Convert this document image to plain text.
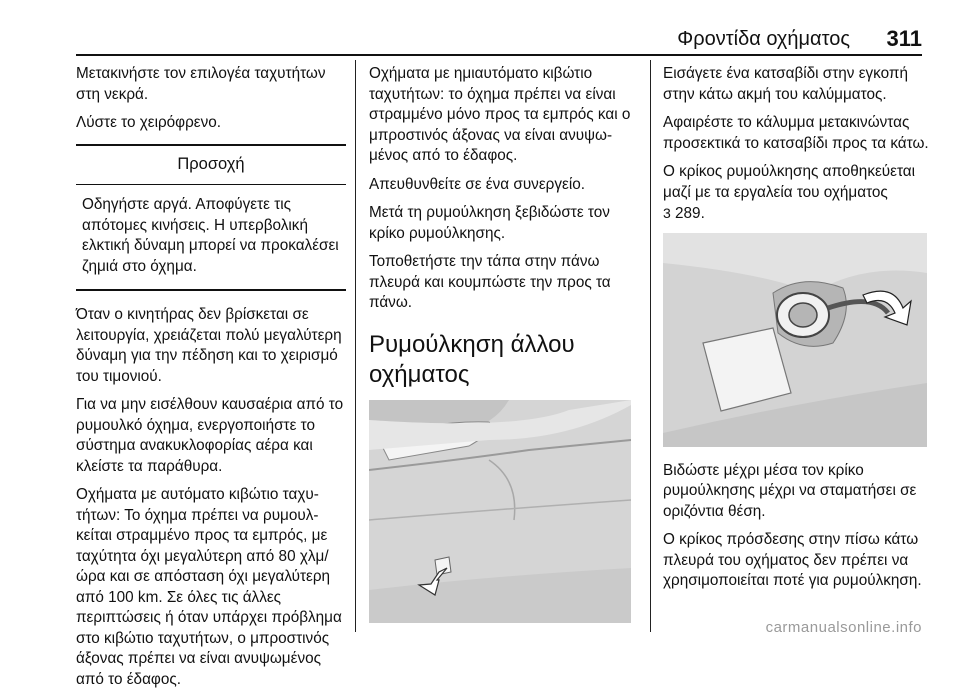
Φροντίδα οχήματος 311

Μετακινήστε τον επιλογέα ταχυτήτων στη νεκρά.

Λύστε το χειρόφρενο.

Προσοχή
Οδηγήστε αργά. Αποφύγετε τις απότομες κινήσεις. Η υπερβολική ελκτική δύναμη μπορεί να προκαλέσει ζημιά στο όχημα.

Όταν ο κινητήρας δεν βρίσκεται σε λειτουργία, χρειάζεται πολύ μεγαλύτερη δύναμη για την πέδηση και το χειρισμό του τιμονιού.

Για να μην εισέλθουν καυσαέρια από το ρυμουλκό όχημα, ενεργοποιήστε το σύστημα ανακυκλοφορίας αέρα και κλείστε τα παράθυρα.

Οχήματα με αυτόματο κιβώτιο ταχυτήτων: Το όχημα πρέπει να ρυμουλκείται στραμμένο προς τα εμπρός, με ταχύτητα όχι μεγαλύτερη από 80 χλμ/ώρα και σε απόσταση όχι μεγαλύτερη από 100 km. Σε όλες τις άλλες περιπτώσεις ή όταν υπάρχει πρόβλημα στο κιβώτιο ταχυτήτων, ο μπροστινός άξονας πρέπει να είναι ανυψωμένος από το έδαφος.

Οχήματα με ημιαυτόματο κιβώτιο ταχυτήτων: το όχημα πρέπει να είναι στραμμένο μόνο προς τα εμπρός και ο μπροστινός άξονας να είναι ανυψωμένος από το έδαφος.

Απευθυνθείτε σε ένα συνεργείο.

Μετά τη ρυμούλκηση ξεβιδώστε τον κρίκο ρυμούλκησης.

Τοποθετήστε την τάπα στην πάνω πλευρά και κουμπώστε την προς τα πάνω.

Ρυμούλκηση άλλου οχήματος

Εισάγετε ένα κατσαβίδι στην εγκοπή στην κάτω ακμή του καλύμματος.

Αφαιρέστε το κάλυμμα μετακινώντας προσεκτικά το κατσαβίδι προς τα κάτω.

Ο κρίκος ρυμούλκησης αποθηκεύεται μαζί με τα εργαλεία του οχήματος
3 289.

Βιδώστε μέχρι μέσα τον κρίκο ρυμούλκησης μέχρι να σταματήσει σε οριζόντια θέση.

Ο κρίκος πρόσδεσης στην πίσω κάτω πλευρά του οχήματος δεν πρέπει να χρησιμοποιείται ποτέ για ρυμούλκηση.

carmanualsonline.info
